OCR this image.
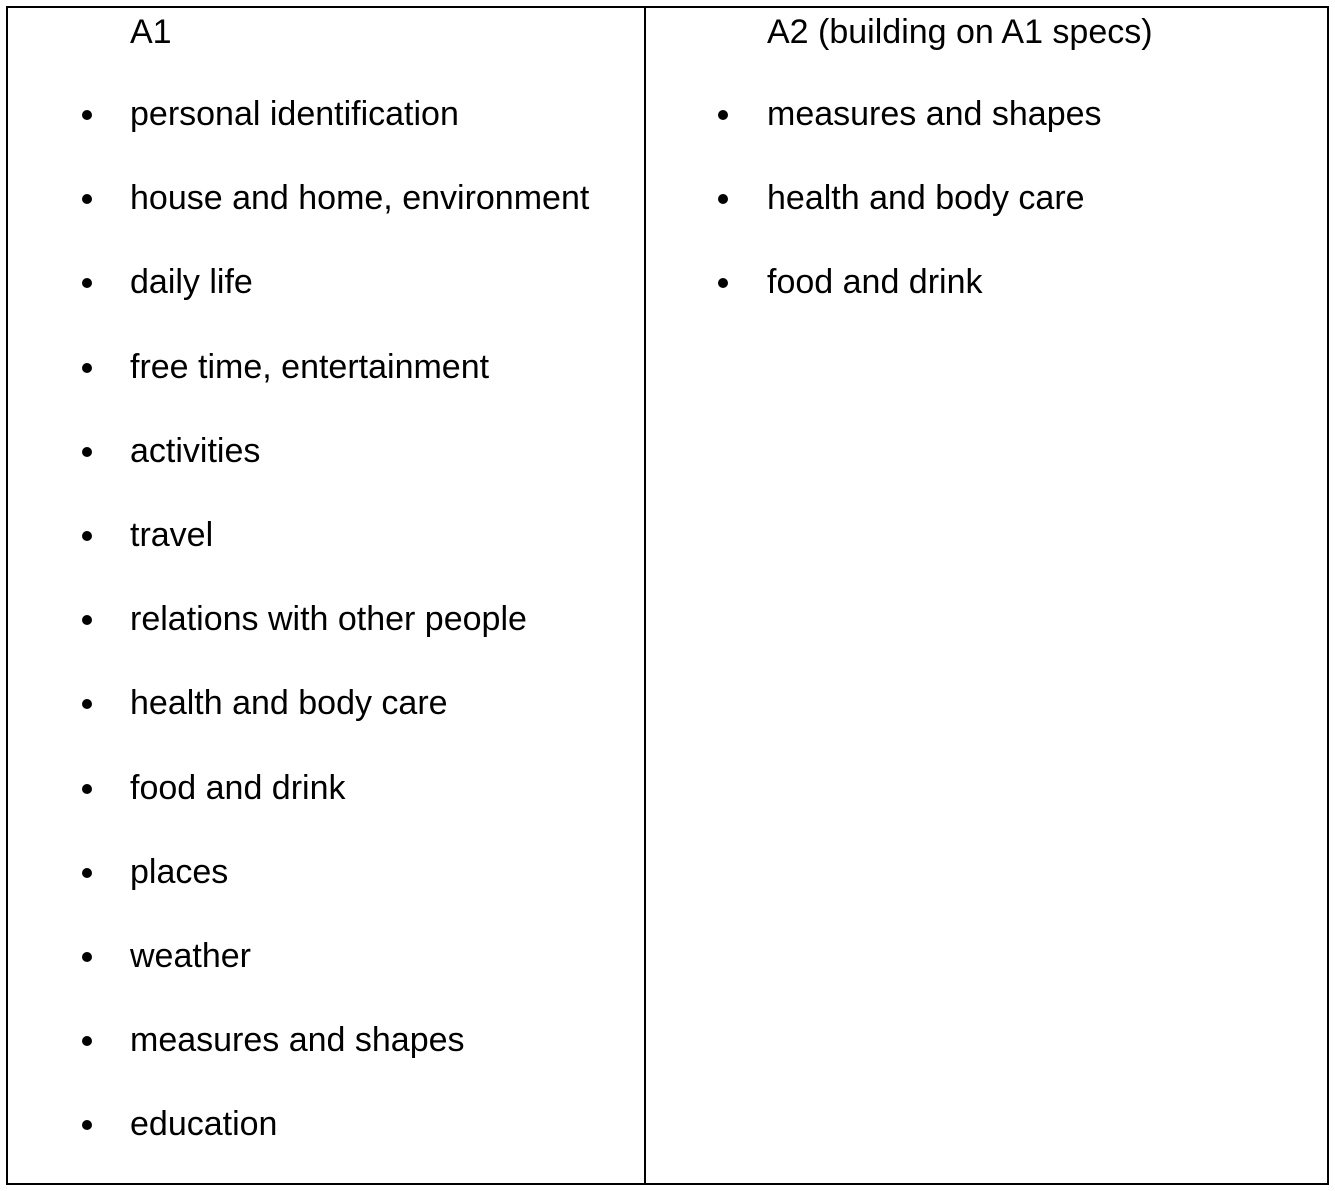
A1
personal identification
house and home, environment
daily life
free time, entertainment
activities
travel
relations with other people
health and body care
food and drink
places
weather
measures and shapes
education
A2 (building on A1 specs)
measures and shapes
health and body care
food and drink
